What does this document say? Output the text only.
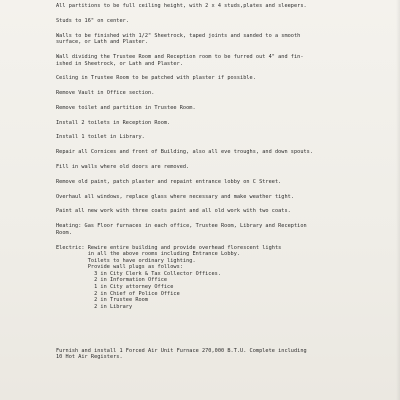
All partitions to be full ceiling height, with 2 x 4 studs,plates and sleepers.
Studs to 16" on center.
Walls to be finished with 1/2" Sheetrock, taped joints and sanded to a smooth
surface, or Lath and Plaster.
Wall dividing the Trustee Room and Reception room to be furred out 4" and fin-
ished in Sheetrock, or Lath and Plaster.
Ceiling in Trustee Room to be patched with plaster if possible.
Remove Vault in Office section.
Remove toilet and partition in Trustee Room.
Install 2 toilets in Reception Room.
Install 1 toilet in Library.
Repair all Cornices and front of Building, also all eve troughs, and down spouts.
Fill in walls where old doors are removed.
Remove old paint, patch plaster and repaint entrance lobby on C Street.
Overhaul all windows, replace glass where necessary and make weather tight.
Paint all new work with three coats paint and all old work with two coats.
Heating: Gas Floor furnaces in each office, Trustee Room, Library and Reception
Room.
Electric: Rewire entire building and provide overhead florescent lights
in all the above rooms including Entrance Lobby.
Toilets to have ordinary lighting.
Provide wall plugs as follows:
3 in City Clerk & Tax Collector Offices.
2 in Information Office
1 in City attorney Office
2 in Chief of Police Office
2 in Trustee Room
2 in Library
Furnish and install 1 Forced Air Unit Furnace 270,000 B.T.U. Complete including
10 Hot Air Registers.
